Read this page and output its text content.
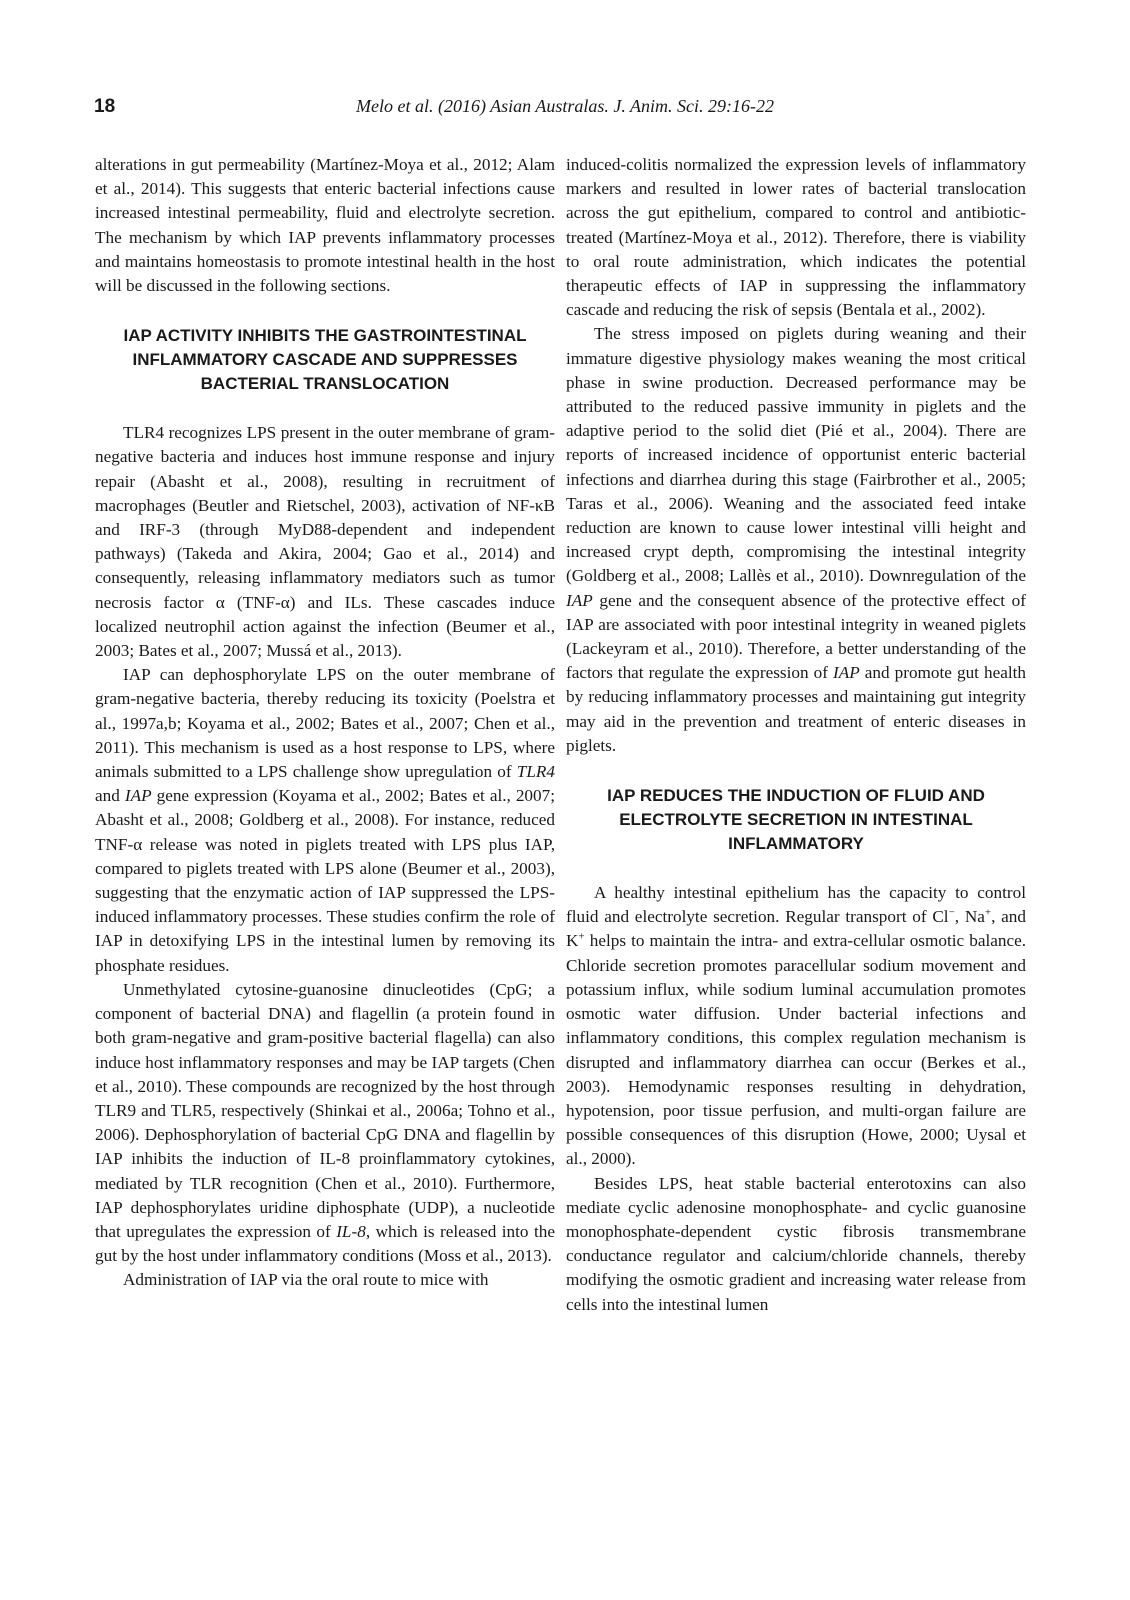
18	Melo et al. (2016) Asian Australas. J. Anim. Sci. 29:16-22

alterations in gut permeability (Martínez-Moya et al., 2012; Alam et al., 2014). This suggests that enteric bacterial infections cause increased intestinal permeability, fluid and electrolyte secretion. The mechanism by which IAP prevents inflammatory processes and maintains homeostasis to promote intestinal health in the host will be discussed in the following sections.

IAP ACTIVITY INHIBITS THE GASTROINTESTINAL INFLAMMATORY CASCADE AND SUPPRESSES BACTERIAL TRANSLOCATION

TLR4 recognizes LPS present in the outer membrane of gram-negative bacteria and induces host immune response and injury repair (Abasht et al., 2008), resulting in recruitment of macrophages (Beutler and Rietschel, 2003), activation of NF-κB and IRF-3 (through MyD88-dependent and independent pathways) (Takeda and Akira, 2004; Gao et al., 2014) and consequently, releasing inflammatory mediators such as tumor necrosis factor α (TNF-α) and ILs. These cascades induce localized neutrophil action against the infection (Beumer et al., 2003; Bates et al., 2007; Mussá et al., 2013).

IAP can dephosphorylate LPS on the outer membrane of gram-negative bacteria, thereby reducing its toxicity (Poelstra et al., 1997a,b; Koyama et al., 2002; Bates et al., 2007; Chen et al., 2011). This mechanism is used as a host response to LPS, where animals submitted to a LPS challenge show upregulation of TLR4 and IAP gene expression (Koyama et al., 2002; Bates et al., 2007; Abasht et al., 2008; Goldberg et al., 2008). For instance, reduced TNF-α release was noted in piglets treated with LPS plus IAP, compared to piglets treated with LPS alone (Beumer et al., 2003), suggesting that the enzymatic action of IAP suppressed the LPS-induced inflammatory processes. These studies confirm the role of IAP in detoxifying LPS in the intestinal lumen by removing its phosphate residues.

Unmethylated cytosine-guanosine dinucleotides (CpG; a component of bacterial DNA) and flagellin (a protein found in both gram-negative and gram-positive bacterial flagella) can also induce host inflammatory responses and may be IAP targets (Chen et al., 2010). These compounds are recognized by the host through TLR9 and TLR5, respectively (Shinkai et al., 2006a; Tohno et al., 2006). Dephosphorylation of bacterial CpG DNA and flagellin by IAP inhibits the induction of IL-8 proinflammatory cytokines, mediated by TLR recognition (Chen et al., 2010). Furthermore, IAP dephosphorylates uridine diphosphate (UDP), a nucleotide that upregulates the expression of IL-8, which is released into the gut by the host under inflammatory conditions (Moss et al., 2013).

Administration of IAP via the oral route to mice with

induced-colitis normalized the expression levels of inflammatory markers and resulted in lower rates of bacterial translocation across the gut epithelium, compared to control and antibiotic-treated (Martínez-Moya et al., 2012). Therefore, there is viability to oral route administration, which indicates the potential therapeutic effects of IAP in suppressing the inflammatory cascade and reducing the risk of sepsis (Bentala et al., 2002).

The stress imposed on piglets during weaning and their immature digestive physiology makes weaning the most critical phase in swine production. Decreased performance may be attributed to the reduced passive immunity in piglets and the adaptive period to the solid diet (Pié et al., 2004). There are reports of increased incidence of opportunist enteric bacterial infections and diarrhea during this stage (Fairbrother et al., 2005; Taras et al., 2006). Weaning and the associated feed intake reduction are known to cause lower intestinal villi height and increased crypt depth, compromising the intestinal integrity (Goldberg et al., 2008; Lallès et al., 2010). Downregulation of the IAP gene and the consequent absence of the protective effect of IAP are associated with poor intestinal integrity in weaned piglets (Lackeyram et al., 2010). Therefore, a better understanding of the factors that regulate the expression of IAP and promote gut health by reducing inflammatory processes and maintaining gut integrity may aid in the prevention and treatment of enteric diseases in piglets.

IAP REDUCES THE INDUCTION OF FLUID AND ELECTROLYTE SECRETION IN INTESTINAL INFLAMMATORY

A healthy intestinal epithelium has the capacity to control fluid and electrolyte secretion. Regular transport of Cl−, Na+, and K+ helps to maintain the intra- and extra-cellular osmotic balance. Chloride secretion promotes paracellular sodium movement and potassium influx, while sodium luminal accumulation promotes osmotic water diffusion. Under bacterial infections and inflammatory conditions, this complex regulation mechanism is disrupted and inflammatory diarrhea can occur (Berkes et al., 2003). Hemodynamic responses resulting in dehydration, hypotension, poor tissue perfusion, and multi-organ failure are possible consequences of this disruption (Howe, 2000; Uysal et al., 2000).

Besides LPS, heat stable bacterial enterotoxins can also mediate cyclic adenosine monophosphate- and cyclic guanosine monophosphate-dependent cystic fibrosis transmembrane conductance regulator and calcium/chloride channels, thereby modifying the osmotic gradient and increasing water release from cells into the intestinal lumen
